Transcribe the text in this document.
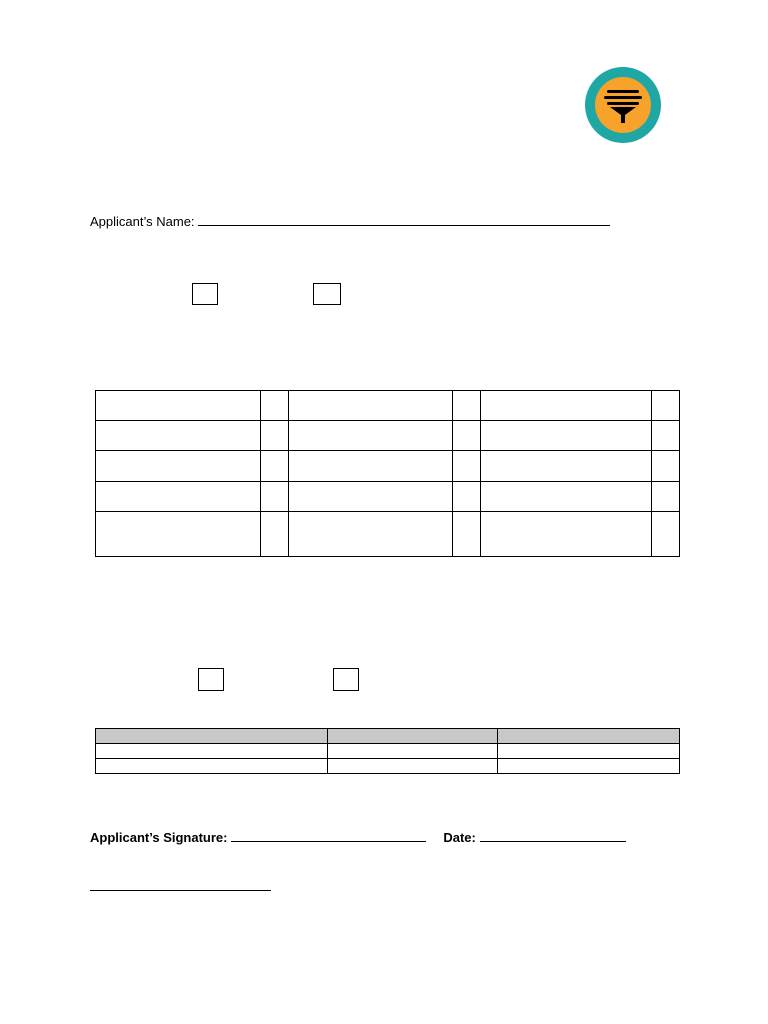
Applicant’s Name:

Applicant’s Signature:	Date:
